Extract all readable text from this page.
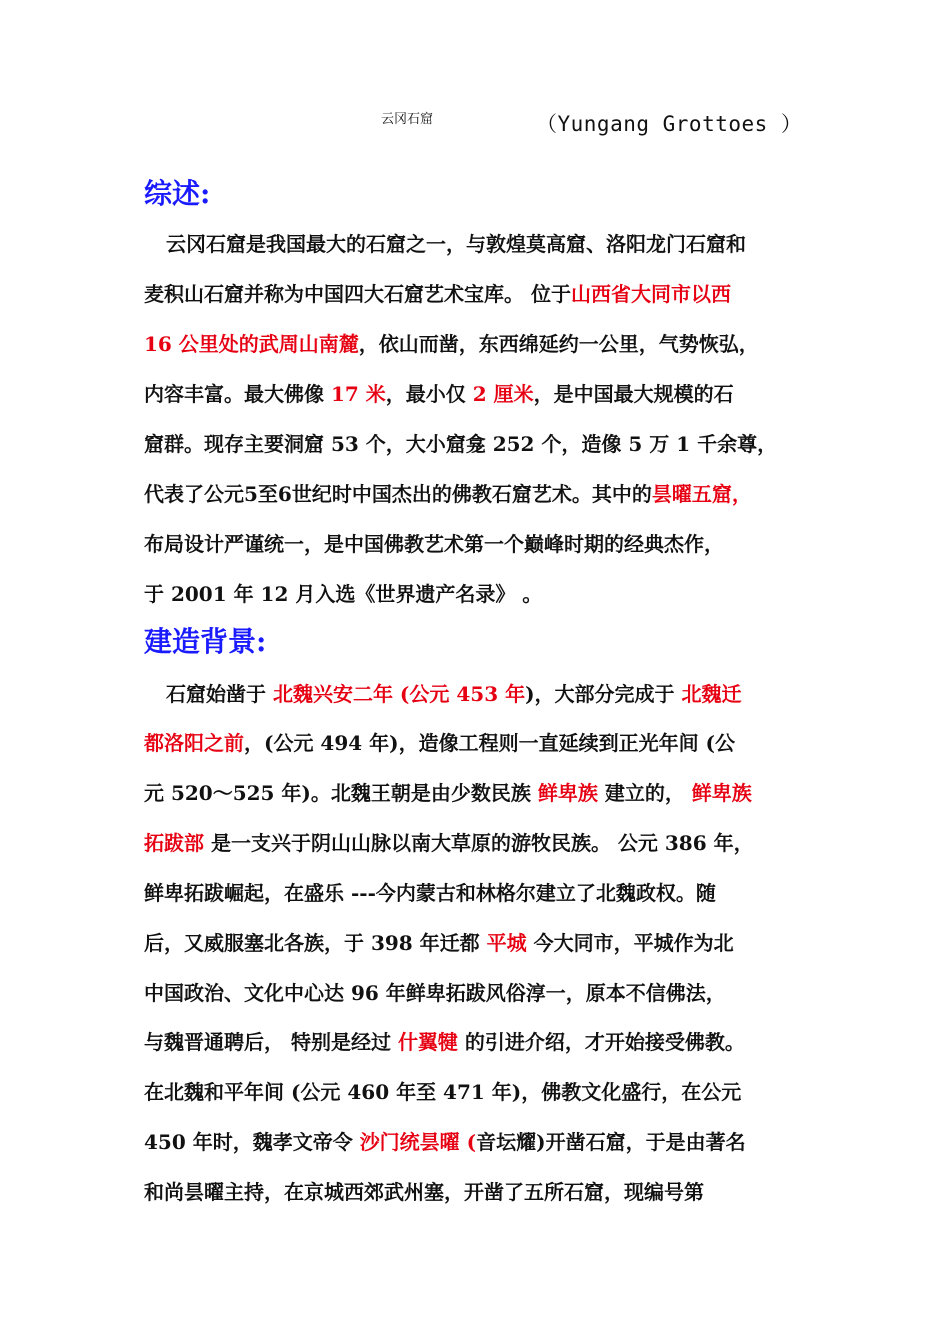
云冈石窟	（Yungang Grottoes ）
综述:
云冈石窟是我国最大的石窟之一，与敦煌莫高窟、洛阳龙门石窟和
麦积山石窟并称为中国四大石窟艺术宝库。 位于山西省大同市以西
16 公里处的武周山南麓，依山而凿，东西绵延约一公里，气势恢弘，
内容丰富。最大佛像 17 米，最小仅 2 厘米，是中国最大规模的石
窟群。现存主要洞窟 53 个，大小窟龛 252 个，造像 5 万 1 千余尊，
代表了公元5至6世纪时中国杰出的佛教石窟艺术。其中的昙曜五窟，
布局设计严谨统一，是中国佛教艺术第一个巅峰时期的经典杰作，
于 2001 年 12 月入选《世界遗产名录》 。
建造背景:
石窟始凿于 北魏兴安二年 (公元 453 年)，大部分完成于 北魏迁
都洛阳之前，(公元 494 年)，造像工程则一直延续到正光年间 (公
元 520～525 年)。北魏王朝是由少数民族 鲜卑族 建立的， 鲜卑族
拓跋部 是一支兴于阴山山脉以南大草原的游牧民族。 公元 386 年，
鲜卑拓跋崛起，在盛乐 ---今内蒙古和林格尔建立了北魏政权。随
后，又威服塞北各族，于 398 年迁都 平城 今大同市，平城作为北
中国政治、文化中心达 96 年鲜卑拓跋风俗淳一，原本不信佛法，
与魏晋通聘后， 特别是经过 什翼犍 的引进介绍，才开始接受佛教。
在北魏和平年间 (公元 460 年至 471 年)，佛教文化盛行，在公元
450 年时，魏孝文帝令 沙门统昙曜 (音坛耀)开凿石窟，于是由著名
和尚昙曜主持，在京城西郊武州塞，开凿了五所石窟，现编号第
